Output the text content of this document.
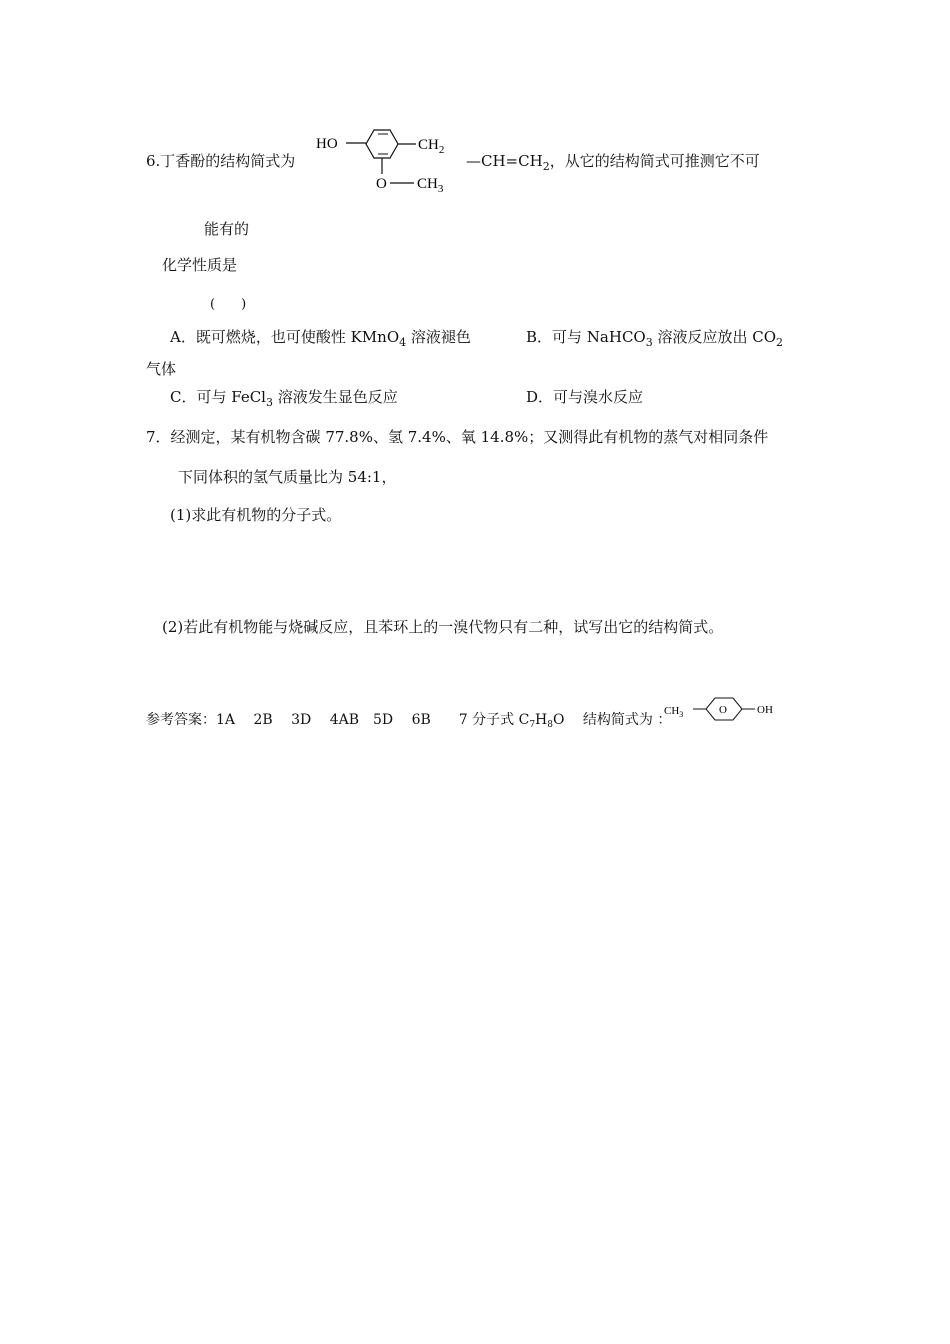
6.丁香酚的结构简式为
HO	$CH_2$
O $CH_3$
$—CH=CH_2$，从它的结构简式可推测它不可
能有的
化学性质是
(　　)
A．既可燃烧，也可使酸性 KMnO$_4$ 溶液褪色	B．可与 NaHCO$_3$ 溶液反应放出 $CO_2$
气体
C．可与 FeCl$_3$ 溶液发生显色反应	D．可与溴水反应
7．经测定，某有机物含碳 77.8%、氢 7.4%、氧 14.8%；又测得此有机物的蒸气对相同条件
下同体积的氢气质量比为 54:1，
(1)求此有机物的分子式。
(2)若此有机物能与烧碱反应，且苯环上的一溴代物只有二种，试写出它的结构简式。
参考答案：1A　 2B　 3D　 4AB　5D　 6B　　7 分子式 $C_7H_8O$　 结构简式为 ：
$CH_3$	O	OH
